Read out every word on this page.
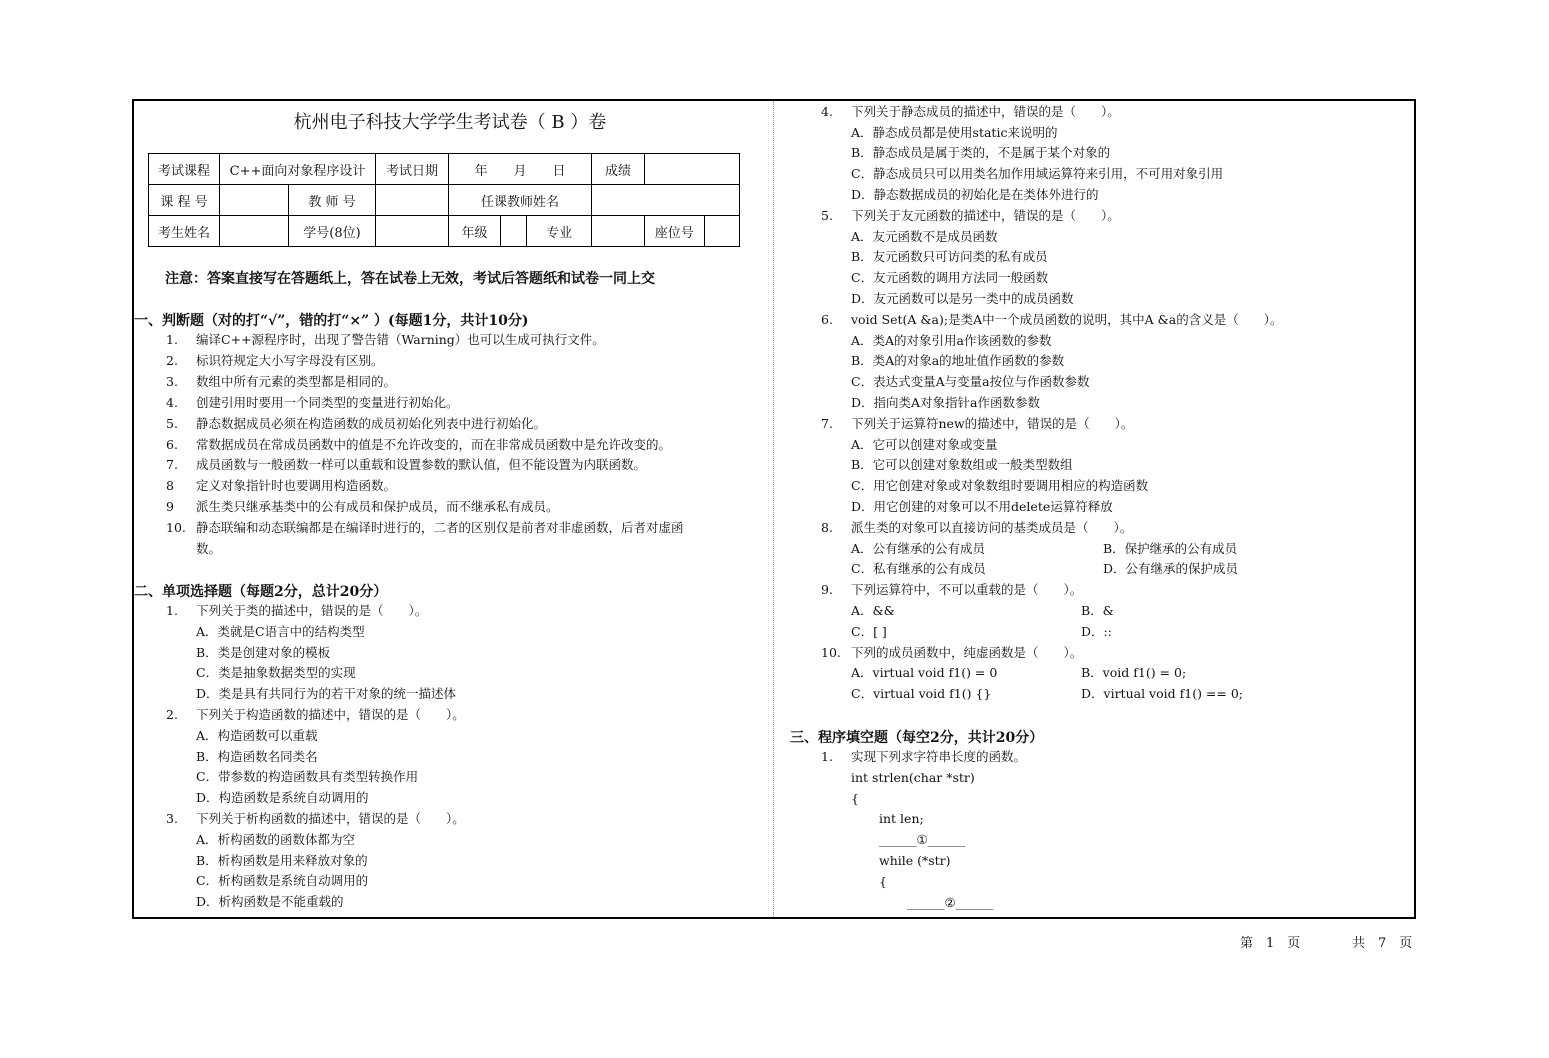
杭州电子科技大学学生考试卷（ B ）卷
考试课程	C++面向对象程序设计		考试日期	年　　月　　日			成绩		
课 程 号		教 师 号		任课教师姓名					
考生姓名		学号(8位)		年级		专业		座位号	
注意：答案直接写在答题纸上，答在试卷上无效，考试后答题纸和试卷一同上交
一、判断题（对的打“√”，错的打“×” ）(每题1分，共计10分)
1. 编译C++源程序时，出现了警告错（Warning）也可以生成可执行文件。
2. 标识符规定大小写字母没有区别。
3. 数组中所有元素的类型都是相同的。
4. 创建引用时要用一个同类型的变量进行初始化。
5. 静态数据成员必须在构造函数的成员初始化列表中进行初始化。
6. 常数据成员在常成员函数中的值是不允许改变的，而在非常成员函数中是允许改变的。
7. 成员函数与一般函数一样可以重载和设置参数的默认值，但不能设置为内联函数。
8 定义对象指针时也要调用构造函数。
9 派生类只继承基类中的公有成员和保护成员，而不继承私有成员。
10. 静态联编和动态联编都是在编译时进行的，二者的区别仅是前者对非虚函数，后者对虚函
数。
二、单项选择题（每题2分，总计20分）
1. 下列关于类的描述中，错误的是（　　）。
A．类就是C语言中的结构类型
B．类是创建对象的模板
C．类是抽象数据类型的实现
D．类是具有共同行为的若干对象的统一描述体
2. 下列关于构造函数的描述中，错误的是（　　）。
A．构造函数可以重载
B．构造函数名同类名
C．带参数的构造函数具有类型转换作用
D．构造函数是系统自动调用的
3. 下列关于析构函数的描述中，错误的是（　　）。
A．析构函数的函数体都为空
B．析构函数是用来释放对象的
C．析构函数是系统自动调用的
D．析构函数是不能重载的
4. 下列关于静态成员的描述中，错误的是（　　）。
A．静态成员都是使用static来说明的
B．静态成员是属于类的，不是属于某个对象的
C．静态成员只可以用类名加作用域运算符来引用，不可用对象引用
D．静态数据成员的初始化是在类体外进行的
5. 下列关于友元函数的描述中，错误的是（　　）。
A．友元函数不是成员函数
B．友元函数只可访问类的私有成员
C．友元函数的调用方法同一般函数
D．友元函数可以是另一类中的成员函数
6. void Set(A &a);是类A中一个成员函数的说明，其中A &a的含义是（　　）。
A．类A的对象引用a作该函数的参数
B．类A的对象a的地址值作函数的参数
C．表达式变量A与变量a按位与作函数参数
D．指向类A对象指针a作函数参数
7. 下列关于运算符new的描述中，错误的是（　　）。
A．它可以创建对象或变量
B．它可以创建对象数组或一般类型数组
C．用它创建对象或对象数组时要调用相应的构造函数
D．用它创建的对象可以不用delete运算符释放
8. 派生类的对象可以直接访问的基类成员是（　　）。
A．公有继承的公有成员	B．保护继承的公有成员
C．私有继承的公有成员	D．公有继承的保护成员
9. 下列运算符中，不可以重载的是（　　）。
A．&&	B．&
C．[ ]	D．::
10. 下列的成员函数中，纯虚函数是（　　）。
A．virtual void f1() = 0	B．void f1() = 0;
C．virtual void f1() {}	D．virtual void f1() == 0;
三、程序填空题（每空2分，共计20分）
1. 实现下列求字符串长度的函数。
int strlen(char *str)
{
int len;
______①______
while (*str)
{
______②______
第　1　页	共　7　页
